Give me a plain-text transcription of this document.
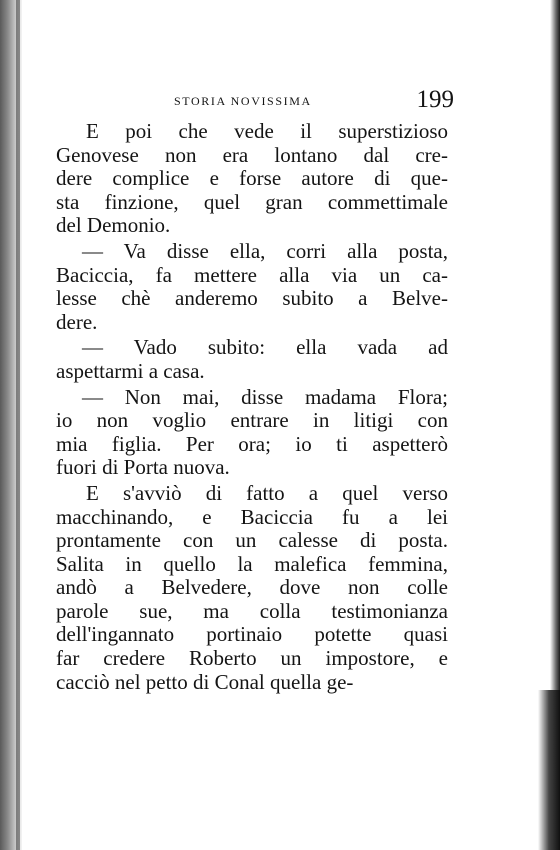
STORIA NOVISSIMA	199

E poi che vede il superstizioso
Genovese non era lontano dal cre-
dere complice e forse autore di que-
sta finzione, quel gran commettimale
del Demonio.

— Va disse ella, corri alla posta,
Baciccia, fa mettere alla via un ca-
lesse chè anderemo subito a Belve-
dere.

— Vado subito: ella vada ad
aspettarmi a casa.

— Non mai, disse madama Flora;
io non voglio entrare in litigi con
mia figlia. Per ora; io ti aspetterò
fuori di Porta nuova.

E s'avviò di fatto a quel verso
macchinando, e Baciccia fu a lei
prontamente con un calesse di posta.
Salita in quello la malefica femmina,
andò a Belvedere, dove non colle
parole sue, ma colla testimonianza
dell'ingannato portinaio potette quasi
far credere Roberto un impostore, e
cacciò nel petto di Conal quella ge-
